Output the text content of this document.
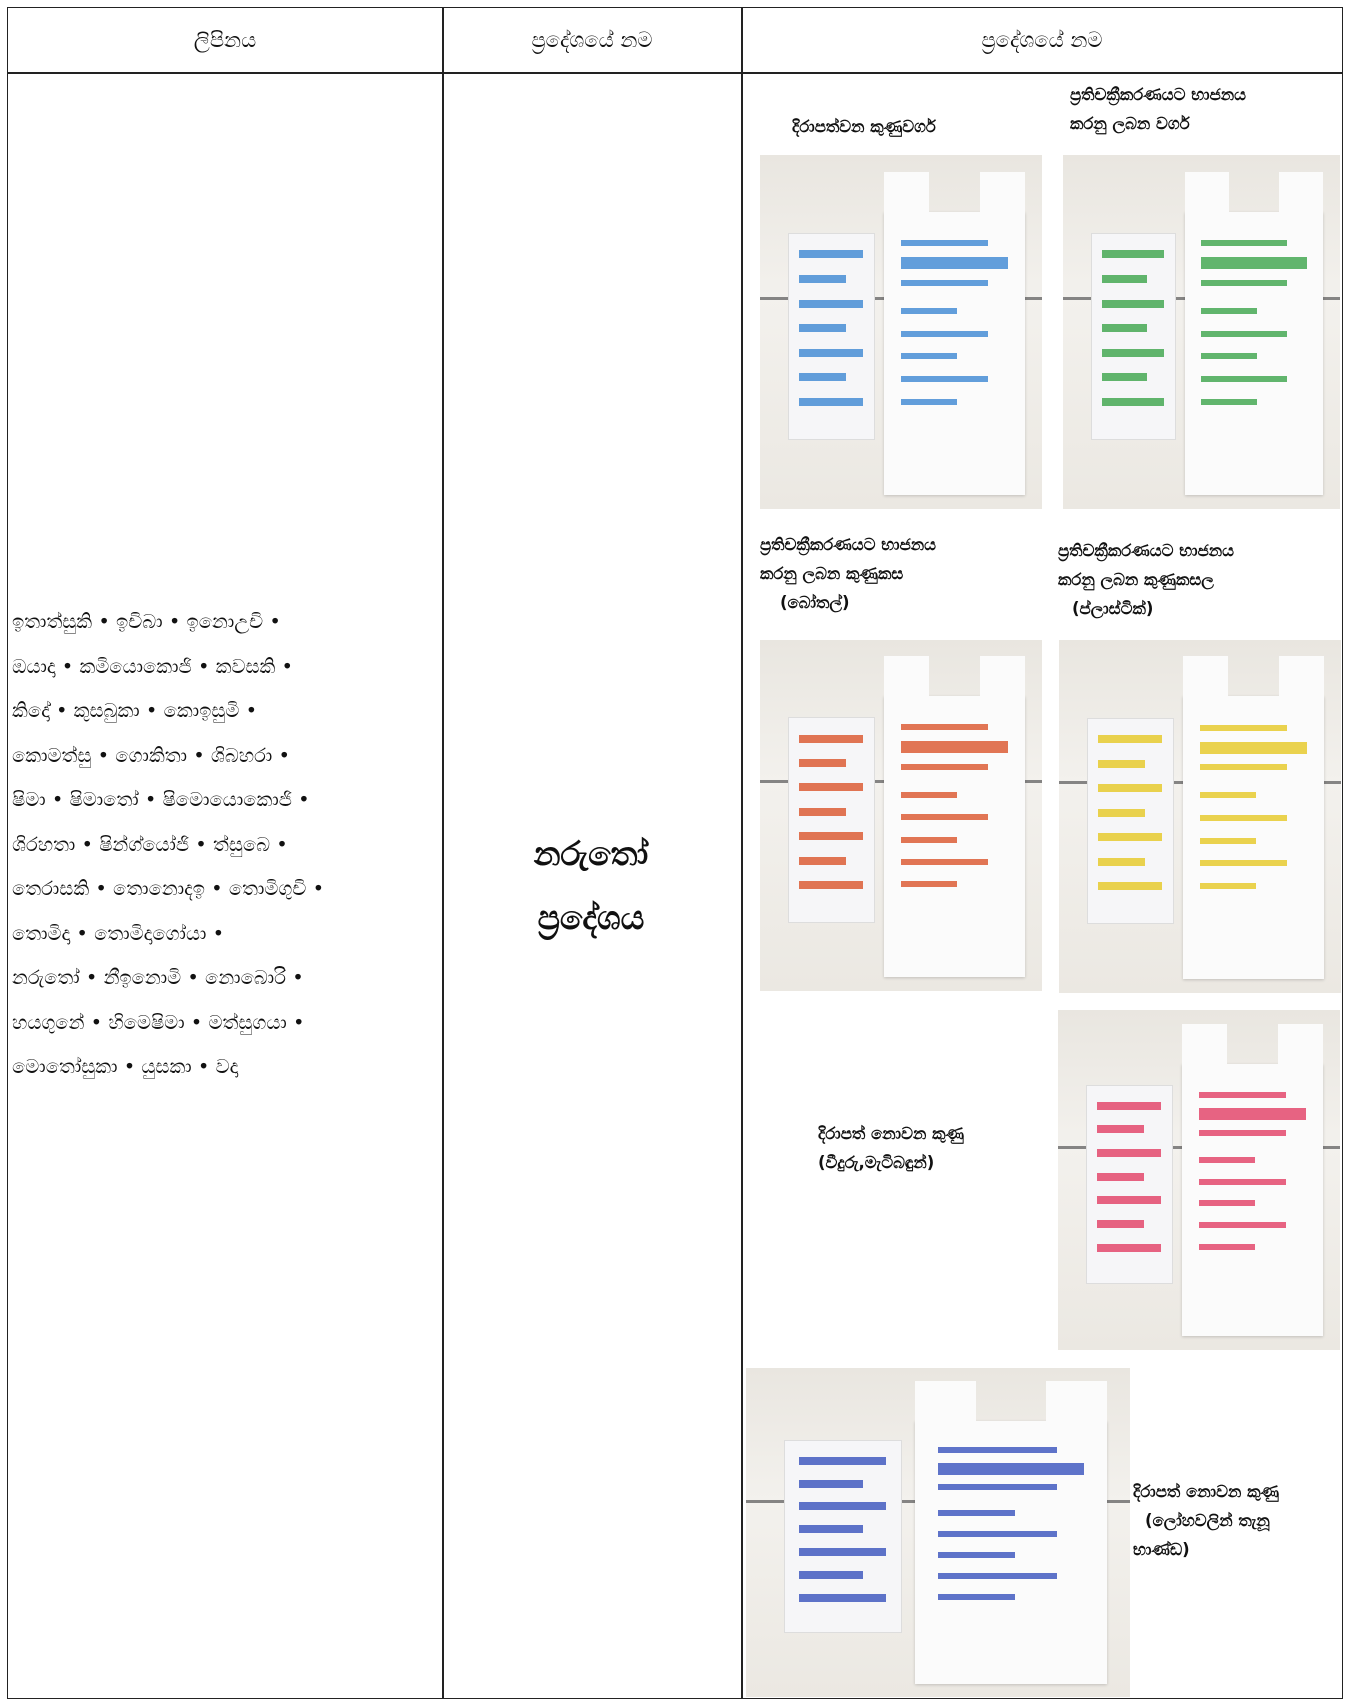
ලිපිනය	ප්‍රදේශයේ නම	ප්‍රදේශයේ නම
ඉතාත්සුකි • ඉචිබා • ඉනොඋචි •
ඔයාදා • කමියොකොජි • කවසකි •
කිදෝ • කුසබුකා • කොඉසුමි •
කොමත්සු • ගොකිතා • ශිබහරා •
ෂිමා • ෂිමාතෝ • ෂිමොයොකොජි •
ශිරහතා • ෂින්ග්යෝජි • ත්සුබෙ •
තෙරාසකි • තොනොදඉ • තොමිගුචි •
තොමිදා • තොමිදාගෝයා •
නරුතෝ • නීඉනොමි • නොබොරි •
හයගුනේ • හිමෙෂිමා • මත්සුගයා •
මොතෝසුකා • යුසකා • වදා
නරුතෝ
ප්‍රදේශය
දිරාපත්වන කුණුවර්ග
ප්‍රතිචක්‍රීකරණයට භාජනය
කරනු ලබන වර්ග
ප්‍රතිචක්‍රීකරණයට භාජනය
කරනු ලබන කුණුකස
(බෝතල්)
ප්‍රතිචක්‍රීකරණයට භාජනය
කරනු ලබන කුණුකසල
(ප්ලාස්ටික්)
දිරාපත් නොවන කුණු
(වීදුරු,මැටිබඳුන්)
දිරාපත් නොවන කුණු
(ලෝහවලින් තැනූ
භාණ්ඩ)
